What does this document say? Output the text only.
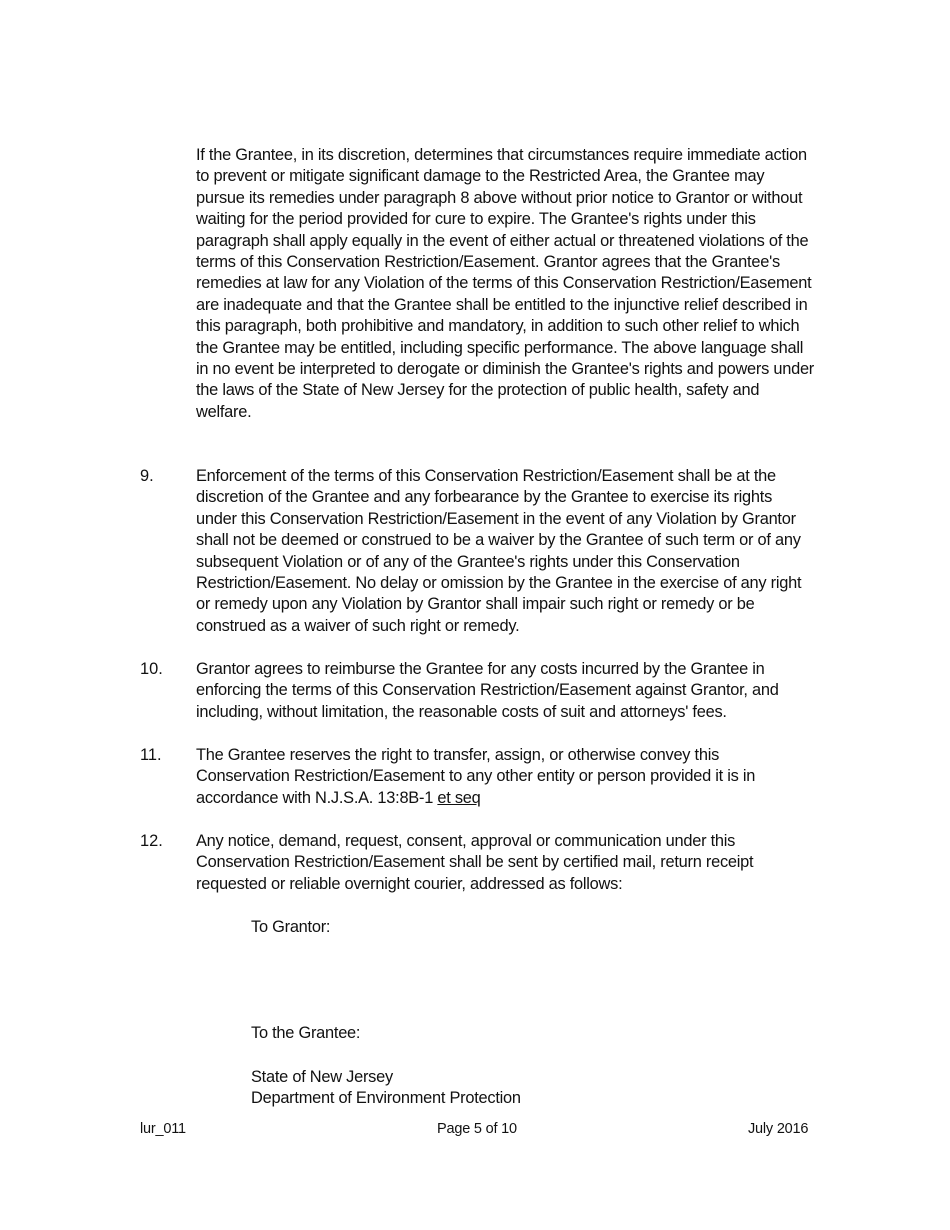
If the Grantee, in its discretion, determines that circumstances require immediate action to prevent or mitigate significant damage to the Restricted Area, the Grantee may pursue its remedies under paragraph 8 above without prior notice to Grantor or without waiting for the period provided for cure to expire. The Grantee's rights under this paragraph shall apply equally in the event of either actual or threatened violations of the terms of this Conservation Restriction/Easement. Grantor agrees that the Grantee's remedies at law for any Violation of the terms of this Conservation Restriction/Easement are inadequate and that the Grantee shall be entitled to the injunctive relief described in this paragraph, both prohibitive and mandatory, in addition to such other relief to which the Grantee may be entitled, including specific performance. The above language shall in no event be interpreted to derogate or diminish the Grantee's rights and powers under the laws of the State of New Jersey for the protection of public health, safety and welfare.

9.	Enforcement of the terms of this Conservation Restriction/Easement shall be at the discretion of the Grantee and any forbearance by the Grantee to exercise its rights under this Conservation Restriction/Easement in the event of any Violation by Grantor shall not be deemed or construed to be a waiver by the Grantee of such term or of any subsequent Violation or of any of the Grantee's rights under this Conservation Restriction/Easement. No delay or omission by the Grantee in the exercise of any right or remedy upon any Violation by Grantor shall impair such right or remedy or be construed as a waiver of such right or remedy.

10. Grantor agrees to reimburse the Grantee for any costs incurred by the Grantee in enforcing the terms of this Conservation Restriction/Easement against Grantor, and including, without limitation, the reasonable costs of suit and attorneys' fees.

11. The Grantee reserves the right to transfer, assign, or otherwise convey this Conservation Restriction/Easement to any other entity or person provided it is in accordance with N.J.S.A. 13:8B-1 et seq

12. Any notice, demand, request, consent, approval or communication under this Conservation Restriction/Easement shall be sent by certified mail, return receipt requested or reliable overnight courier, addressed as follows:

To Grantor:
To the Grantee:
State of New Jersey
Department of Environment Protection
lur_011	Page 5 of 10	July 2016
